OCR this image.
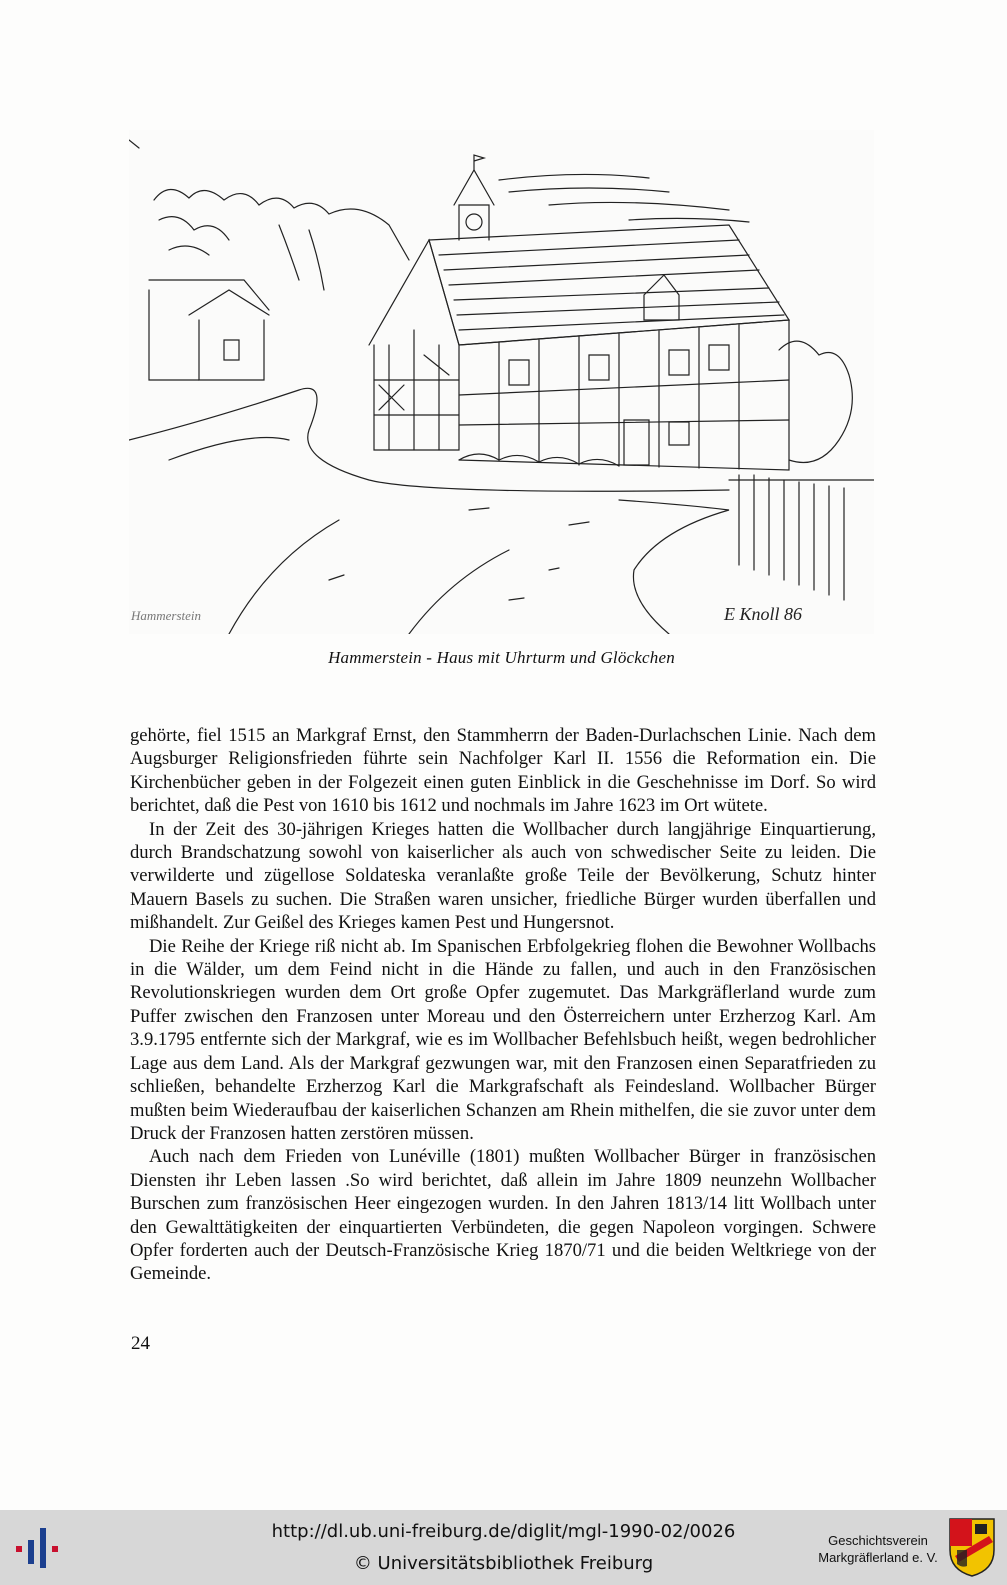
E Knoll 86
Hammerstein
Hammerstein - Haus mit Uhrturm und Glöckchen

gehörte, fiel 1515 an Markgraf Ernst, den Stammherrn der Baden-Durlachschen Linie. Nach dem Augsburger Religionsfrieden führte sein Nachfolger Karl II. 1556 die Reformation ein. Die Kirchenbücher geben in der Folgezeit einen guten Einblick in die Geschehnisse im Dorf. So wird berichtet, daß die Pest von 1610 bis 1612 und nochmals im Jahre 1623 im Ort wütete.

In der Zeit des 30-jährigen Krieges hatten die Wollbacher durch langjährige Einquartierung, durch Brandschatzung sowohl von kaiserlicher als auch von schwedischer Seite zu leiden. Die verwilderte und zügellose Soldateska veranlaßte große Teile der Bevölkerung, Schutz hinter Mauern Basels zu suchen. Die Straßen waren unsicher, friedliche Bürger wurden überfallen und mißhandelt. Zur Geißel des Krieges kamen Pest und Hungersnot.

Die Reihe der Kriege riß nicht ab. Im Spanischen Erbfolgekrieg flohen die Bewohner Wollbachs in die Wälder, um dem Feind nicht in die Hände zu fallen, und auch in den Französischen Revolutionskriegen wurden dem Ort große Opfer zugemutet. Das Markgräflerland wurde zum Puffer zwischen den Franzosen unter Moreau und den Österreichern unter Erzherzog Karl. Am 3.9.1795 entfernte sich der Markgraf, wie es im Wollbacher Befehlsbuch heißt, wegen bedrohlicher Lage aus dem Land. Als der Markgraf gezwungen war, mit den Franzosen einen Separatfrieden zu schließen, behandelte Erzherzog Karl die Markgrafschaft als Feindesland. Wollbacher Bürger mußten beim Wiederaufbau der kaiserlichen Schanzen am Rhein mithelfen, die sie zuvor unter dem Druck der Franzosen hatten zerstören müssen.

Auch nach dem Frieden von Lunéville (1801) mußten Wollbacher Bürger in französischen Diensten ihr Leben lassen .So wird berichtet, daß allein im Jahre 1809 neunzehn Wollbacher Burschen zum französischen Heer eingezogen wurden. In den Jahren 1813/14 litt Wollbach unter den Gewalttätigkeiten der einquartierten Verbündeten, die gegen Napoleon vorgingen. Schwere Opfer forderten auch der Deutsch-Französische Krieg 1870/71 und die beiden Weltkriege von der Gemeinde.

24
http://dl.ub.uni-freiburg.de/diglit/mgl-1990-02/0026
© Universitätsbibliothek Freiburg
Geschichtsverein
Markgräflerland e. V.
